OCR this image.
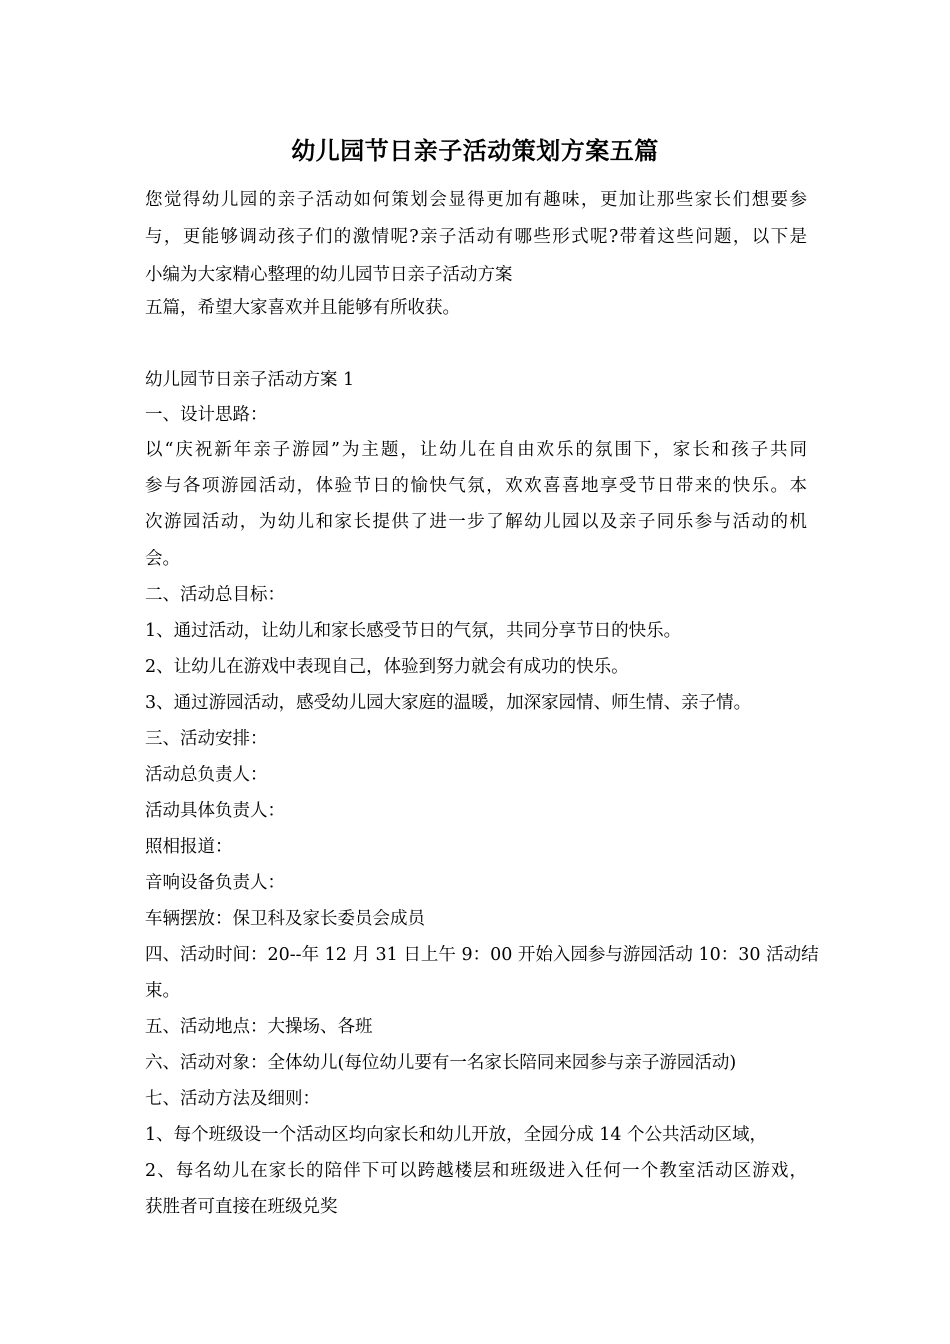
幼儿园节日亲子活动策划方案五篇
您觉得幼儿园的亲子活动如何策划会显得更加有趣味，更加让那些家长们想要参
与，更能够调动孩子们的激情呢?亲子活动有哪些形式呢?带着这些问题，以下是
小编为大家精心整理的幼儿园节日亲子活动方案
五篇，希望大家喜欢并且能够有所收获。
幼儿园节日亲子活动方案 1
一、设计思路：
以“庆祝新年亲子游园”为主题，让幼儿在自由欢乐的氛围下，家长和孩子共同
参与各项游园活动，体验节日的愉快气氛，欢欢喜喜地享受节日带来的快乐。本
次游园活动，为幼儿和家长提供了进一步了解幼儿园以及亲子同乐参与活动的机
会。
二、活动总目标：
1、通过活动，让幼儿和家长感受节日的气氛，共同分享节日的快乐。
2、让幼儿在游戏中表现自己，体验到努力就会有成功的快乐。
3、通过游园活动，感受幼儿园大家庭的温暖，加深家园情、师生情、亲子情。
三、活动安排：
活动总负责人：
活动具体负责人：
照相报道：
音响设备负责人：
车辆摆放：保卫科及家长委员会成员
四、活动时间：20--年 12 月 31 日上午 9：00 开始入园参与游园活动 10：30 活动结
束。
五、活动地点：大操场、各班
六、活动对象：全体幼儿(每位幼儿要有一名家长陪同来园参与亲子游园活动)
七、活动方法及细则：
1、每个班级设一个活动区均向家长和幼儿开放，全园分成 14 个公共活动区域，
2、每名幼儿在家长的陪伴下可以跨越楼层和班级进入任何一个教室活动区游戏，
获胜者可直接在班级兑奖
